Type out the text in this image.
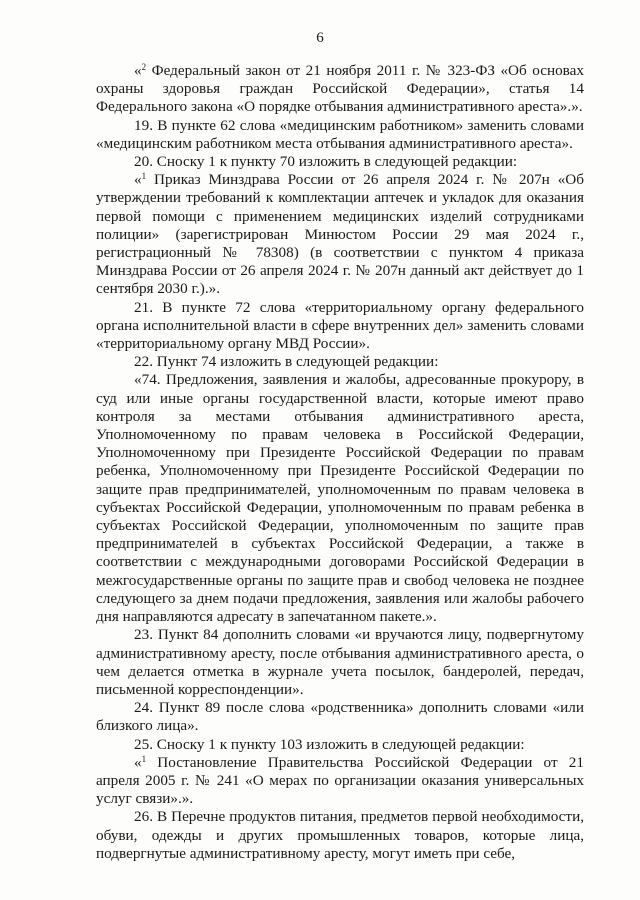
6

«$^2$ Федеральный закон от 21 ноября 2011 г. № 323-ФЗ «Об основах охраны здоровья граждан Российской Федерации», статья 14 Федерального закона «О порядке отбывания административного ареста».».

19. В пункте 62 слова «медицинским работником» заменить словами «медицинским работником места отбывания административного ареста».

20. Сноску 1 к пункту 70 изложить в следующей редакции:

«$^1$ Приказ Минздрава России от 26 апреля 2024 г. № 207н «Об утверждении требований к комплектации аптечек и укладок для оказания первой помощи с применением медицинских изделий сотрудниками полиции» (зарегистрирован Минюстом России 29 мая 2024 г., регистрационный № 78308) (в соответствии с пунктом 4 приказа Минздрава России от 26 апреля 2024 г. № 207н данный акт действует до 1 сентября 2030 г.).».

21. В пункте 72 слова «территориальному органу федерального органа исполнительной власти в сфере внутренних дел» заменить словами «территориальному органу МВД России».

22. Пункт 74 изложить в следующей редакции:

«74. Предложения, заявления и жалобы, адресованные прокурору, в суд или иные органы государственной власти, которые имеют право контроля за местами отбывания административного ареста, Уполномоченному по правам человека в Российской Федерации, Уполномоченному при Президенте Российской Федерации по правам ребенка, Уполномоченному при Президенте Российской Федерации по защите прав предпринимателей, уполномоченным по правам человека в субъектах Российской Федерации, уполномоченным по правам ребенка в субъектах Российской Федерации, уполномоченным по защите прав предпринимателей в субъектах Российской Федерации, а также в соответствии с международными договорами Российской Федерации в межгосударственные органы по защите прав и свобод человека не позднее следующего за днем подачи предложения, заявления или жалобы рабочего дня направляются адресату в запечатанном пакете.».

23. Пункт 84 дополнить словами «и вручаются лицу, подвергнутому административному аресту, после отбывания административного ареста, о чем делается отметка в журнале учета посылок, бандеролей, передач, письменной корреспонденции».

24. Пункт 89 после слова «родственника» дополнить словами «или близкого лица».

25. Сноску 1 к пункту 103 изложить в следующей редакции:

«$^1$ Постановление Правительства Российской Федерации от 21 апреля 2005 г. № 241 «О мерах по организации оказания универсальных услуг связи».».

26. В Перечне продуктов питания, предметов первой необходимости, обуви, одежды и других промышленных товаров, которые лица, подвергнутые административному аресту, могут иметь при себе,
